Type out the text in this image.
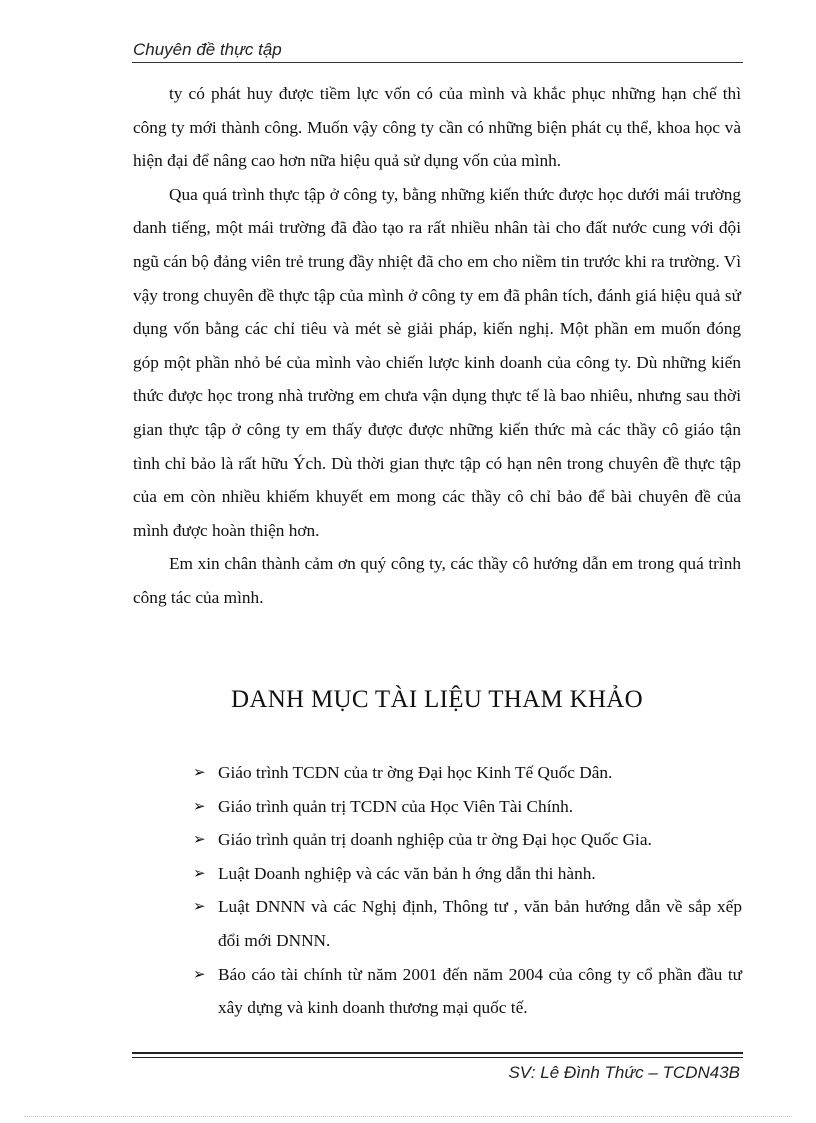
Chuyên đề thực tập

ty có phát huy được tiềm lực vốn có của mình và khắc phục những hạn chế thì công ty mới thành công. Muốn vậy công ty cần có những biện phát cụ thể, khoa học và hiện đại để nâng cao hơn nữa hiệu quả sử dụng vốn của mình.

Qua quá trình thực tập ở công ty, bằng những kiến thức được học dưới mái trường danh tiếng, một mái trường đã đào tạo ra rất nhiều nhân tài cho đất nước cung với đội ngũ cán bộ đảng viên trẻ trung đầy nhiệt đã cho em cho niềm tin trước khi ra trường. Vì vậy trong chuyên đề thực tập của mình ở công ty em đã phân tích, đánh giá hiệu quả sử dụng vốn bằng các chỉ tiêu và mét sè giải pháp, kiến nghị. Một phần em muốn đóng góp một phần nhỏ bé của mình vào chiến lược kinh doanh của công ty. Dù những kiến thức được học trong nhà trường em chưa vận dụng thực tế là bao nhiêu, nhưng sau thời gian thực tập ở công ty em thấy được được những kiến thức mà các thầy cô giáo tận tình chỉ bảo là rất hữu Ých. Dù thời gian thực tập có hạn nên trong chuyên đề thực tập của em còn nhiều khiếm khuyết em mong các thầy cô chỉ bảo để bài chuyên đề của mình được hoàn thiện hơn.

Em xin chân thành cảm ơn quý công ty, các thầy cô hướng dẫn em trong quá trình công tác của mình.

DANH MỤC TÀI LIỆU THAM KHẢO
➢ Giáo trình TCDN của tr ờng Đại học Kinh Tế Quốc Dân.
➢ Giáo trình quản trị TCDN của Học Viên Tài Chính.
➢ Giáo trình quản trị doanh nghiệp của tr ờng Đại học Quốc Gia.
➢ Luật Doanh nghiệp và các văn bản h ớng dẫn thi hành.
➢ Luật DNNN và các Nghị định, Thông tư , văn bản hướng dẫn về sắp xếp đổi mới DNNN.
➢ Báo cáo tài chính từ năm 2001 đến năm 2004 của công ty cổ phần đầu tư xây dựng và kinh doanh thương mại quốc tế.
SV: Lê Đình Thức – TCDN43B
